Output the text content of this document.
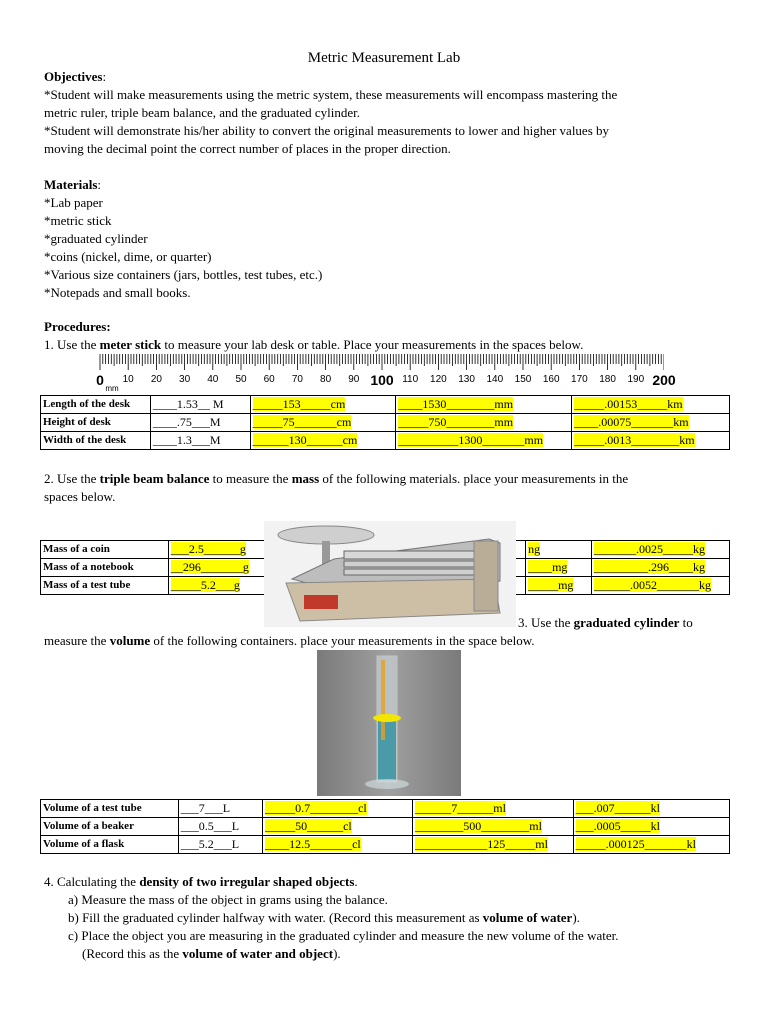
Metric Measurement Lab
Objectives:
*Student will make measurements using the metric system, these measurements will encompass mastering the
metric ruler, triple beam balance, and the graduated cylinder.
*Student will demonstrate his/her ability to convert the original measurements to lower and higher values by
moving the decimal point the correct number of places in the proper direction.
Materials:
*Lab paper
*metric stick
*graduated cylinder
*coins (nickel, dime, or quarter)
*Various size containers (jars, bottles, test tubes, etc.)
*Notepads and small books.
Procedures:
1. Use the meter stick to measure your lab desk or table. Place your measurements in the spaces below.
0
mm
10 20 30 40 50 60 70 80 90 100 110 120 130 140 150 160 170 180 190 200
Length of the desk	____1.53__ M	_____153_____cm	____1530________mm	_____.00153_____km
Height of desk	____.75___M	_____75_______cm	_____750________mm	____.00075_______km
Width of the desk	____1.3___M	______130______cm	__________1300_______mm	_____.0013________km
2. Use the triple beam balance to measure the mass of the following materials. place your measurements in the
spaces below.
Mass of a coin	___2.5______g		ng	_______.0025_____kg
Mass of a notebook	__296_______g		____mg	_________.296____kg
Mass of a test tube	_____5.2___g		_____mg	______.0052_______kg
3. Use the graduated cylinder to
measure the volume of the following containers. place your measurements in the space below.
Volume of a test tube	___7___L	_____0.7________cl	______7______ml	___.007______kl
Volume of a beaker	___0.5___L	_____50______cl	________500________ml	___.0005_____kl
Volume of a flask	___5.2___L	____12.5_______cl	____________125_____ml	_____.000125_______kl
4. Calculating the density of two irregular shaped objects.
a) Measure the mass of the object in grams using the balance.
b) Fill the graduated cylinder halfway with water. (Record this measurement as volume of water).
c) Place the object you are measuring in the graduated cylinder and measure the new volume of the water.
(Record this as the volume of water and object).
